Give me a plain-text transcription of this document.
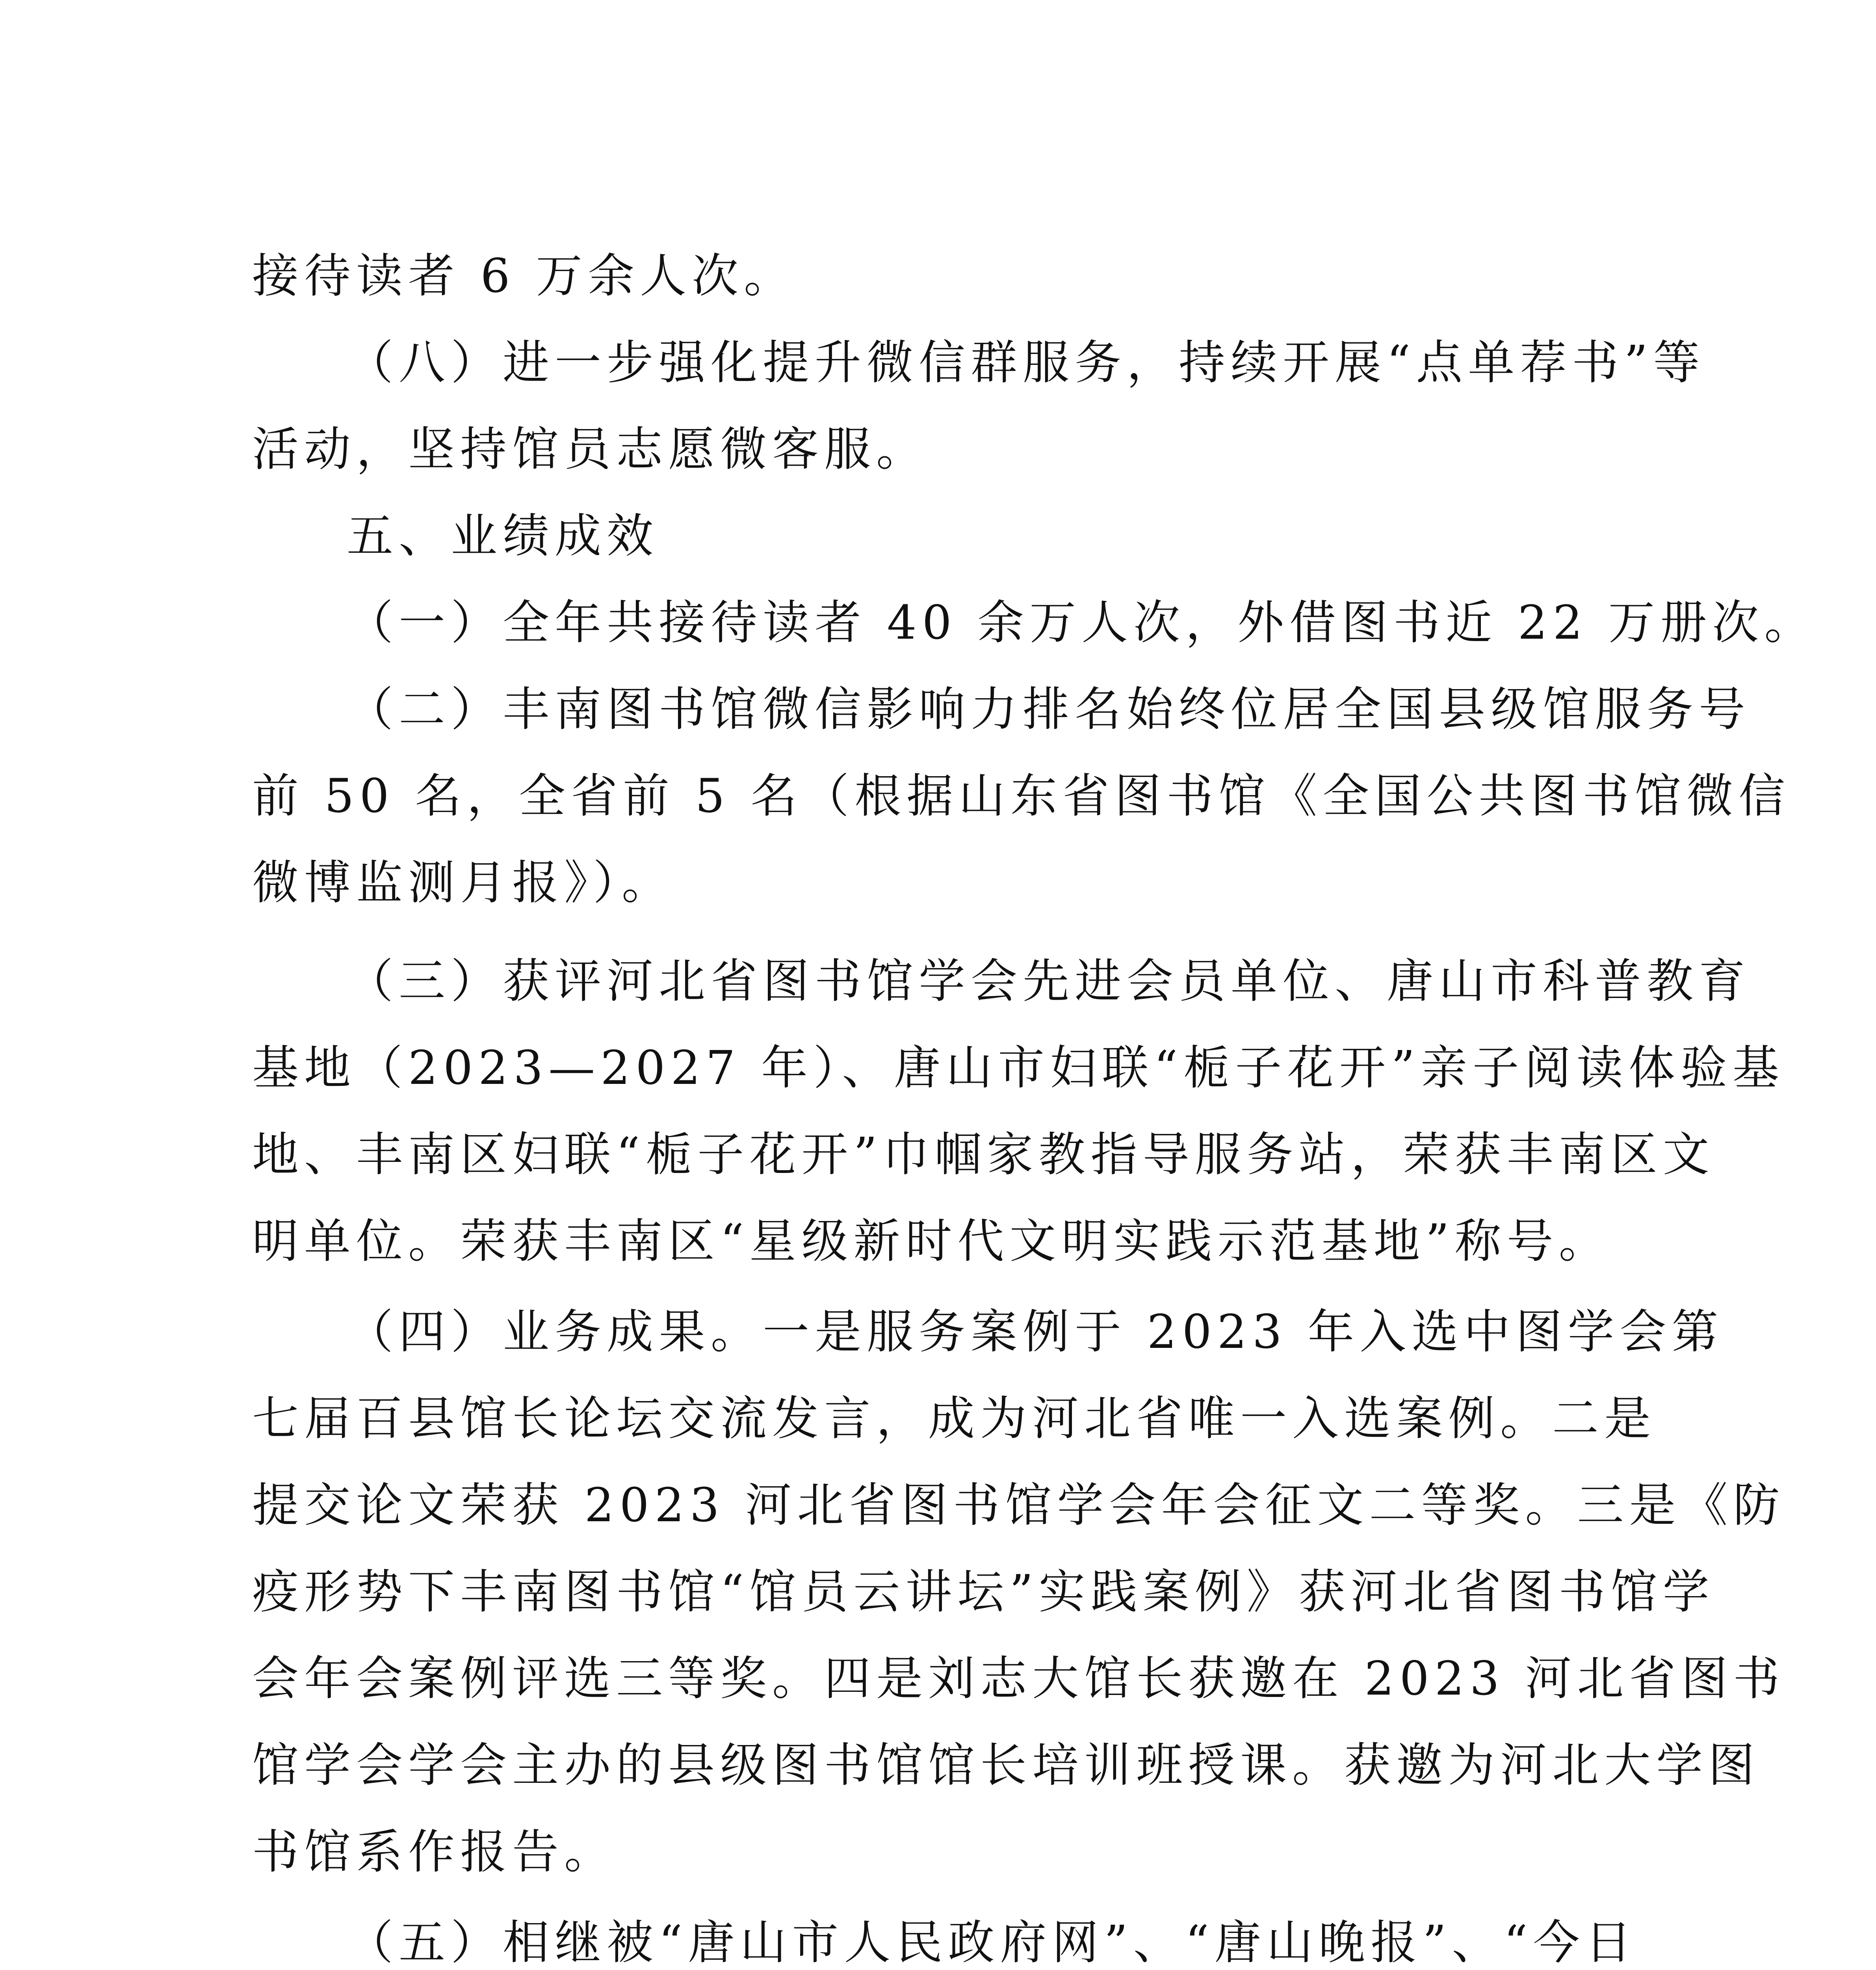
接待读者 6 万余人次。

（八）进一步强化提升微信群服务，持续开展“点单荐书”等

活动，坚持馆员志愿微客服。

五、业绩成效

（一）全年共接待读者 40 余万人次，外借图书近 22 万册次。

（二）丰南图书馆微信影响力排名始终位居全国县级馆服务号

前 50 名，全省前 5 名（根据山东省图书馆《全国公共图书馆微信

微博监测月报》）。

（三）获评河北省图书馆学会先进会员单位、唐山市科普教育

基地（2023—2027 年）、唐山市妇联“栀子花开”亲子阅读体验基

地、丰南区妇联“栀子花开”巾帼家教指导服务站，荣获丰南区文

明单位。荣获丰南区“星级新时代文明实践示范基地”称号。

（四）业务成果。一是服务案例于 2023 年入选中图学会第

七届百县馆长论坛交流发言，成为河北省唯一入选案例。二是

提交论文荣获 2023 河北省图书馆学会年会征文二等奖。三是《防

疫形势下丰南图书馆“馆员云讲坛”实践案例》获河北省图书馆学

会年会案例评选三等奖。四是刘志大馆长获邀在 2023 河北省图书

馆学会学会主办的县级图书馆馆长培训班授课。获邀为河北大学图

书馆系作报告。

（五）相继被“唐山市人民政府网”、“唐山晚报”、“今日
